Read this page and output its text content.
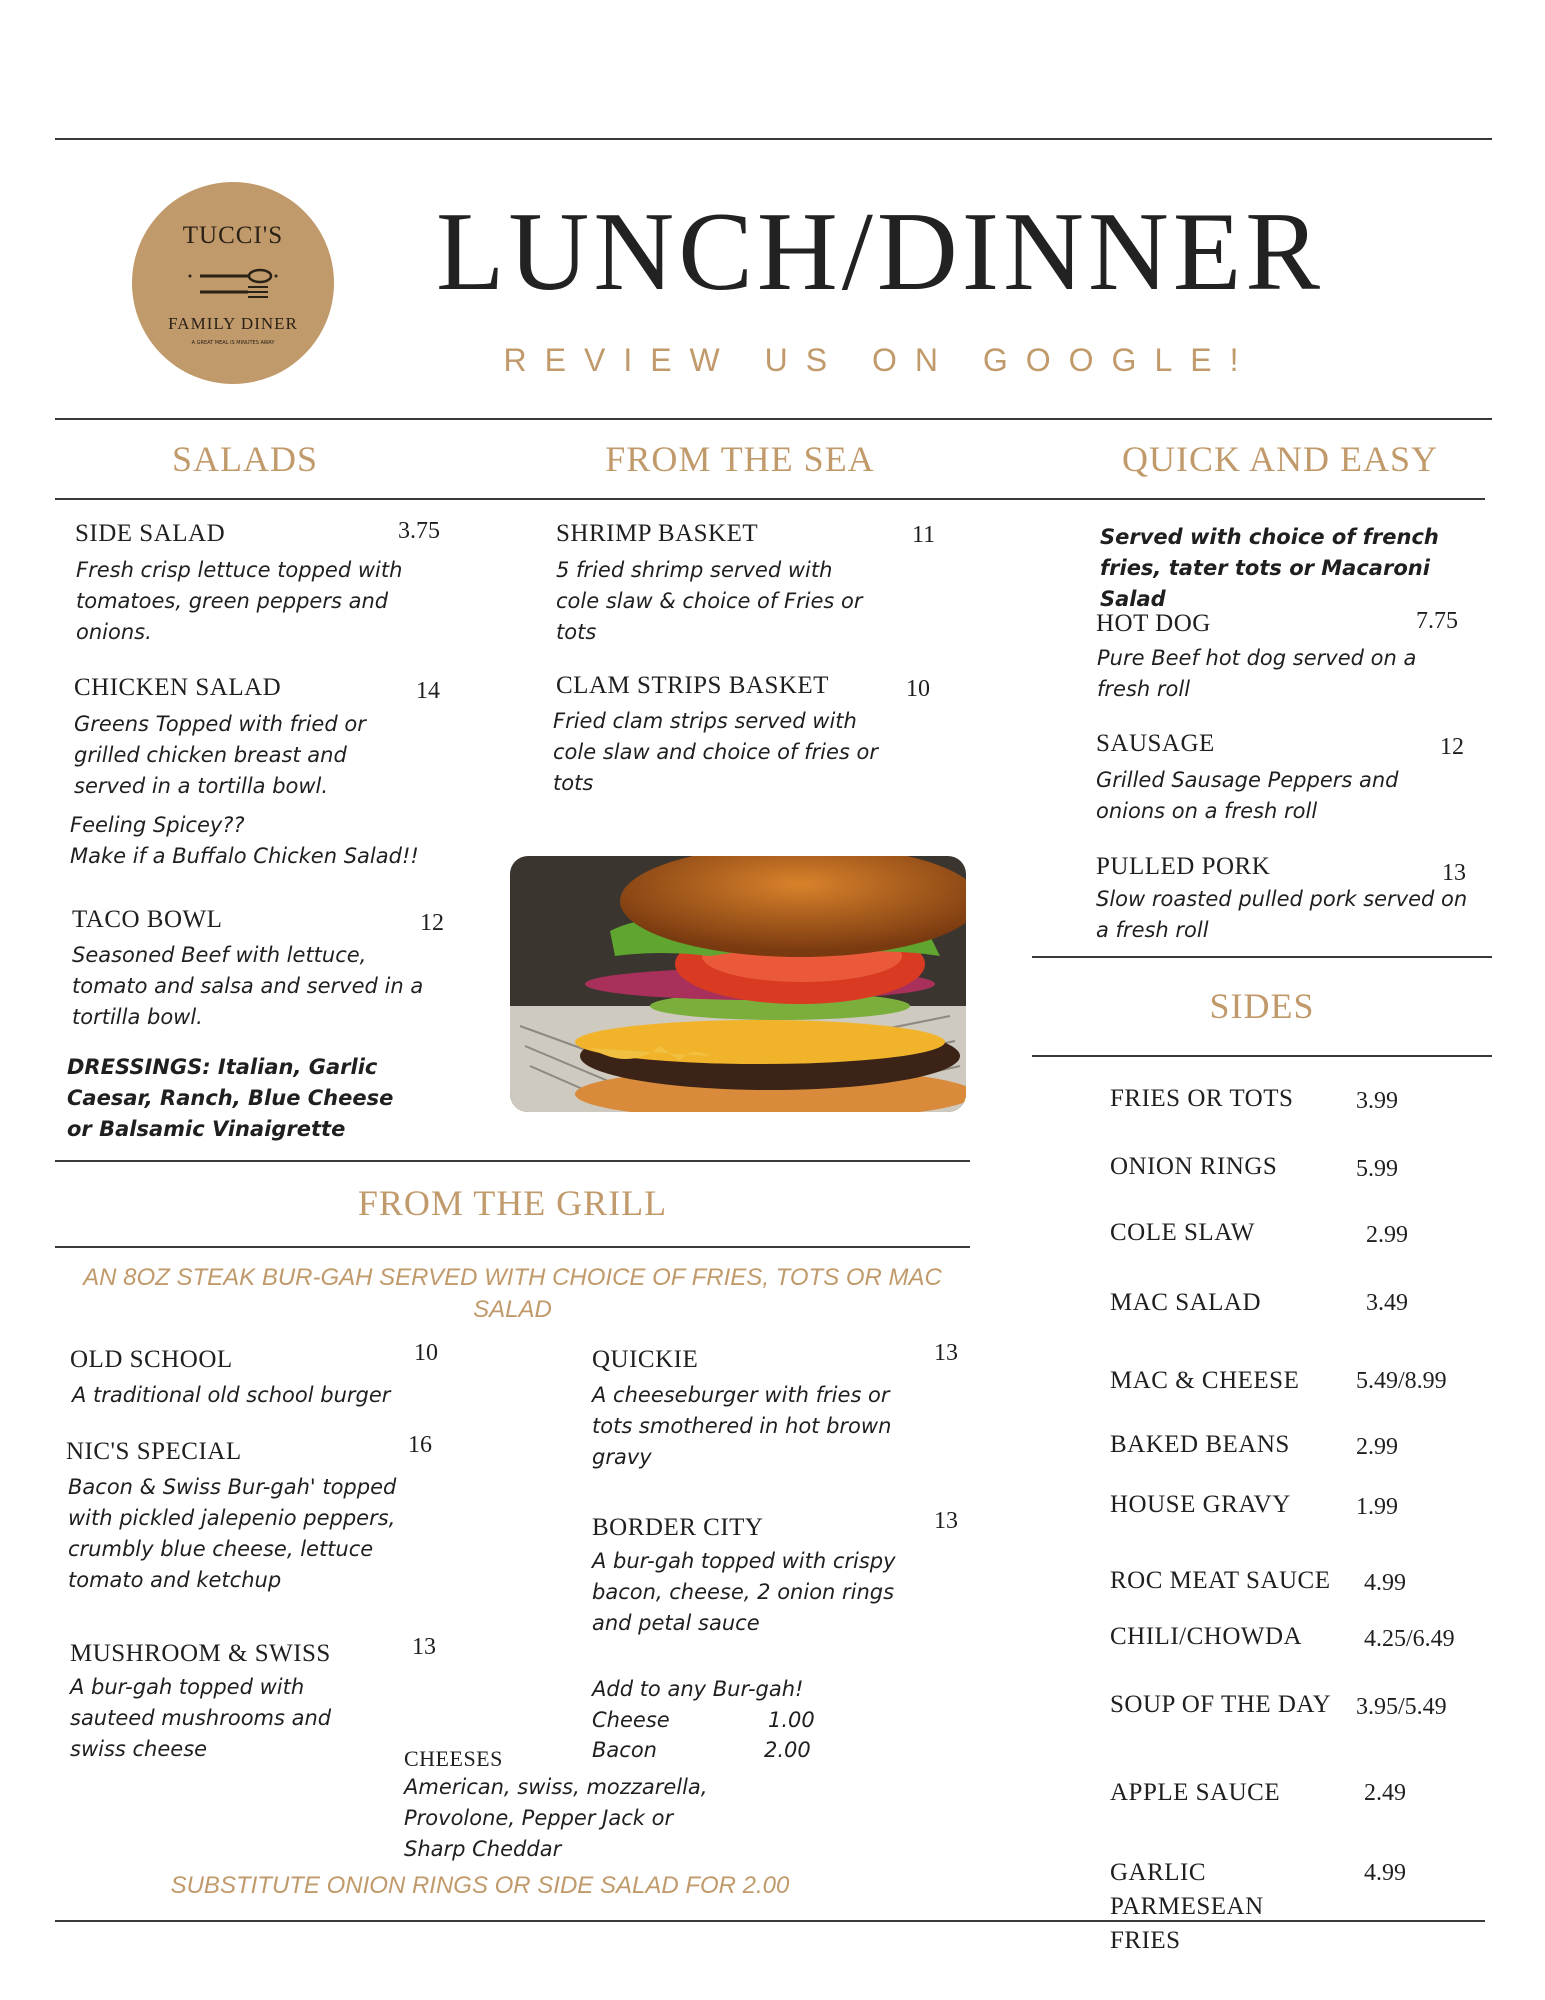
TUCCI'S
FAMILY DINER
A GREAT MEAL IS MINUTES AWAY
LUNCH/DINNER
REVIEW US ON GOOGLE!
SALADS	FROM THE SEA	QUICK AND EASY
SIDE SALAD	3.75
Fresh crisp lettuce topped with tomatoes, green peppers and onions.
CHICKEN SALAD	14
Greens Topped with fried or grilled chicken breast and served in a tortilla bowl.
Feeling Spicey??
Make if a Buffalo Chicken Salad!!
TACO BOWL	12
Seasoned Beef with lettuce, tomato and salsa and served in a tortilla bowl.
DRESSINGS: Italian, Garlic Caesar, Ranch, Blue Cheese or Balsamic Vinaigrette
SHRIMP BASKET	11
5 fried shrimp served with cole slaw & choice of Fries or tots
CLAM STRIPS BASKET	10
Fried clam strips served with cole slaw and choice of fries or tots
Served with choice of french fries, tater tots or Macaroni Salad
HOT DOG	7.75
Pure Beef hot dog served on a fresh roll
SAUSAGE	12
Grilled Sausage Peppers and onions on a fresh roll
PULLED PORK	13
Slow roasted pulled pork served on a fresh roll
SIDES
FRIES OR TOTS	3.99
ONION RINGS	5.99
COLE SLAW	2.99
MAC SALAD	3.49
MAC & CHEESE 5.49/8.99
BAKED BEANS	2.99
HOUSE GRAVY	1.99
ROC MEAT SAUCE 4.99
CHILI/CHOWDA	4.25/6.49
SOUP OF THE DAY 3.95/5.49
APPLE SAUCE	2.49
GARLIC PARMESEAN FRIES
4.99
FROM THE GRILL
AN 8OZ STEAK BUR-GAH SERVED WITH CHOICE OF FRIES, TOTS OR MAC SALAD
OLD SCHOOL	10
A traditional old school burger
NIC'S SPECIAL	16
Bacon & Swiss Bur-gah' topped with pickled jalepenio peppers, crumbly blue cheese, lettuce tomato and ketchup
MUSHROOM & SWISS	13
A bur-gah topped with sauteed mushrooms and swiss cheese
QUICKIE	13
A cheeseburger with fries or tots smothered in hot brown gravy
BORDER CITY	13
A bur-gah topped with crispy bacon, cheese, 2 onion rings and petal sauce
Add to any Bur-gah!
Cheese	1.00
Bacon	2.00
CHEESES
American, swiss, mozzarella, Provolone, Pepper Jack or Sharp Cheddar
SUBSTITUTE ONION RINGS OR SIDE SALAD FOR 2.00
